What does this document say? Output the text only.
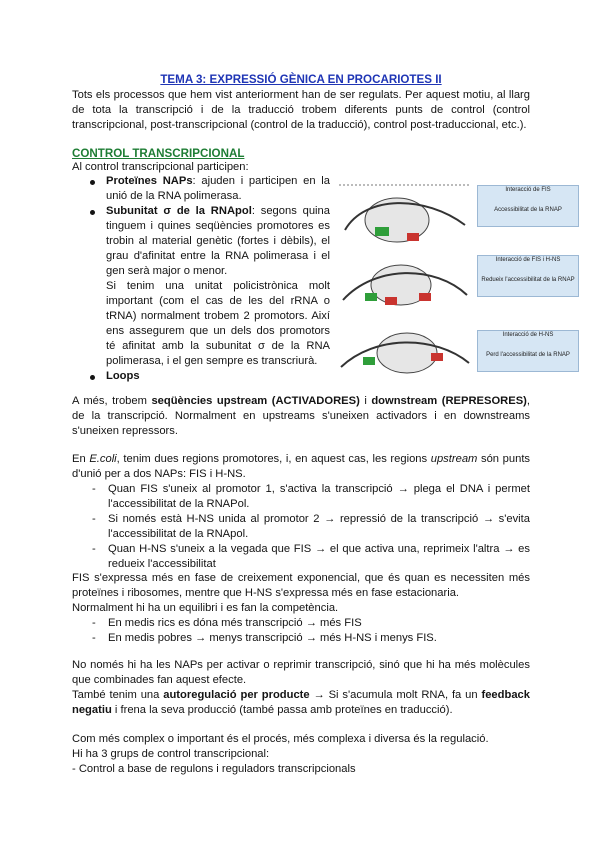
TEMA 3: EXPRESSIÓ GÈNICA EN PROCARIOTES II
Tots els processos que hem vist anteriorment han de ser regulats. Per aquest motiu, al llarg de tota la transcripció i de la traducció trobem diferents punts de control (control transcripcional, post-transcripcional (control de la traducció), control post-traduccional, etc.).
CONTROL TRANSCRIPCIONAL
Al control transcripcional participen:
Proteïnes NAPs: ajuden i participen en la unió de la RNA polimerasa.
Subunitat σ de la RNApol: segons quina tinguem i quines seqüències promotores es trobin al material genètic (fortes i dèbils), el grau d'afinitat entre la RNA polimerasa i el gen serà major o menor.
Si tenim una unitat policistrònica molt important (com el cas de les del rRNA o tRNA) normalment trobem 2 promotors. Així ens assegurem que un dels dos promotors té afinitat amb la subunitat σ de la RNA polimerasa, i el gen sempre es transcriurà.
Loops
A més, trobem seqüències upstream (ACTIVADORES) i downstream (REPRESORES), de la transcripció. Normalment en upstreams s'uneixen activadors i en downstreams s'uneixen repressors.
En E.coli, tenim dues regions promotores, i, en aquest cas, les regions upstream són punts d'unió per a dos NAPs: FIS i H-NS.
- Quan FIS s'uneix al promotor 1, s'activa la transcripció → plega el DNA i permet l'accessibilitat de la RNAPol.
- Si només està H-NS unida al promotor 2 → repressió de la transcripció → s'evita l'accessibilitat de la RNApol.
- Quan H-NS s'uneix a la vegada que FIS → el que activa una, reprimeix l'altra → es redueix l'accessibilitat
FIS s'expressa més en fase de creixement exponencial, que és quan es necessiten més proteïnes i ribosomes, mentre que H-NS s'expressa més en fase estacionaria.
Normalment hi ha un equilibri i es fan la competència.
- En medis rics es dóna més transcripció → més FIS
- En medis pobres → menys transcripció → més H-NS i menys FIS.
No només hi ha les NAPs per activar o reprimir transcripció, sinó que hi ha més molècules que combinades fan aquest efecte.
També tenim una autoregulació per producte → Si s'acumula molt RNA, fa un feedback negatiu i frena la seva producció (també passa amb proteïnes en traducció).
Com més complex o important és el procés, més complexa i diversa és la regulació.
Hi ha 3 grups de control transcripcional:
- Control a base de regulons i reguladors transcripcionals
Interacció de FIS
Accessibilitat de la RNAP
Interacció de FIS i H-NS
Redueix l'accessibilitat de la RNAP
Interacció de H-NS
Perd l'accessibilitat de la RNAP
